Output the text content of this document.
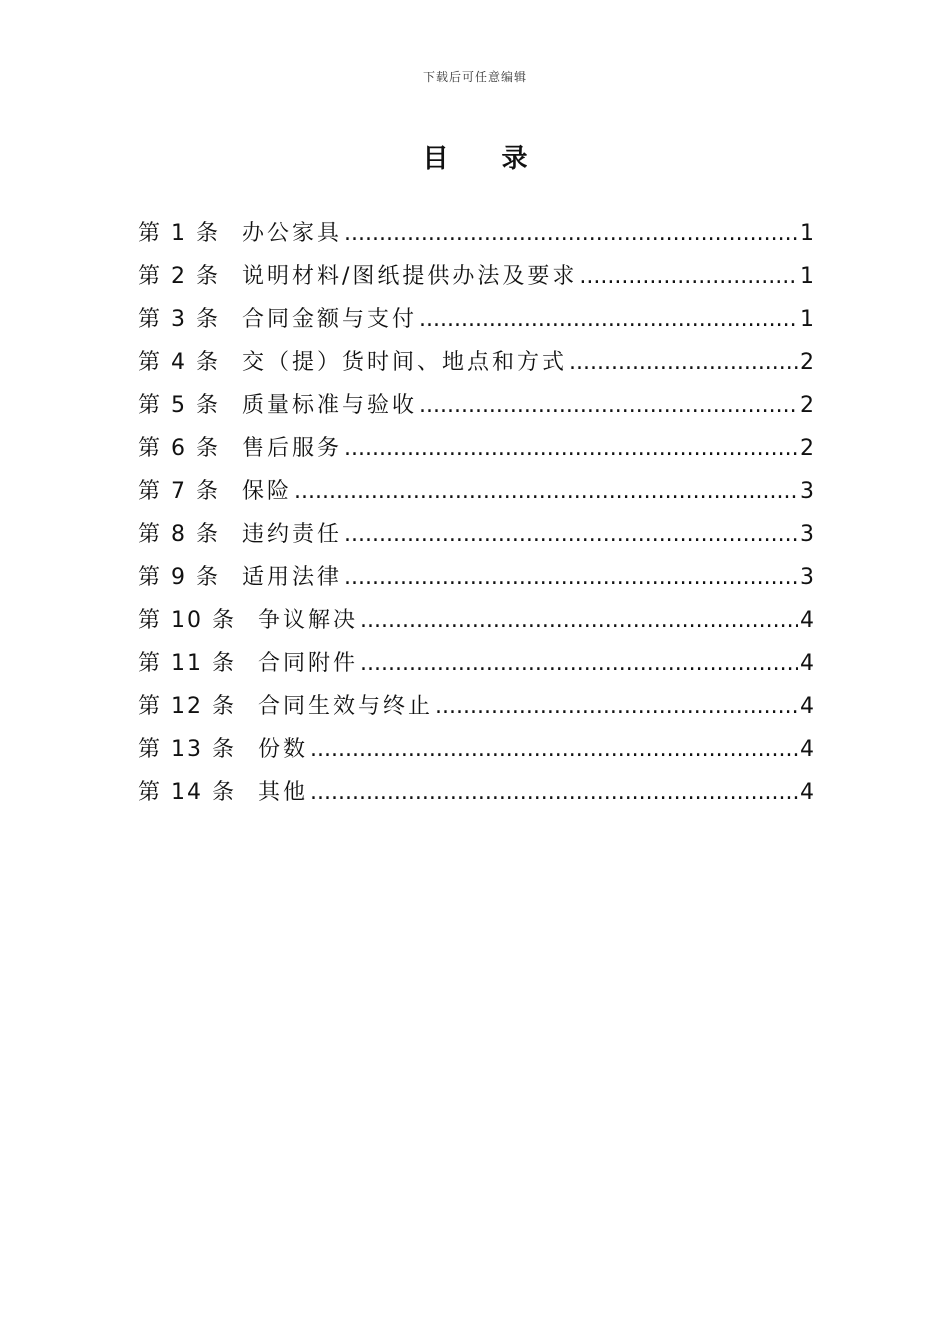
下载后可任意编辑
目 录
第 1 条 办公家具 .....	1
第 2 条 说明材料/图纸提供办法及要求 .....	1
第 3 条 合同金额与支付 .....	1
第 4 条 交（提）货时间、地点和方式 .....	2
第 5 条 质量标准与验收 .....	2
第 6 条 售后服务 .....	2
第 7 条 保险 .....	3
第 8 条 违约责任 .....	3
第 9 条 适用法律 .....	3
第 10 条 争议解决 .....	4
第 11 条 合同附件 .....	4
第 12 条 合同生效与终止 .....	4
第 13 条 份数 .....	4
第 14 条 其他 .....	4
